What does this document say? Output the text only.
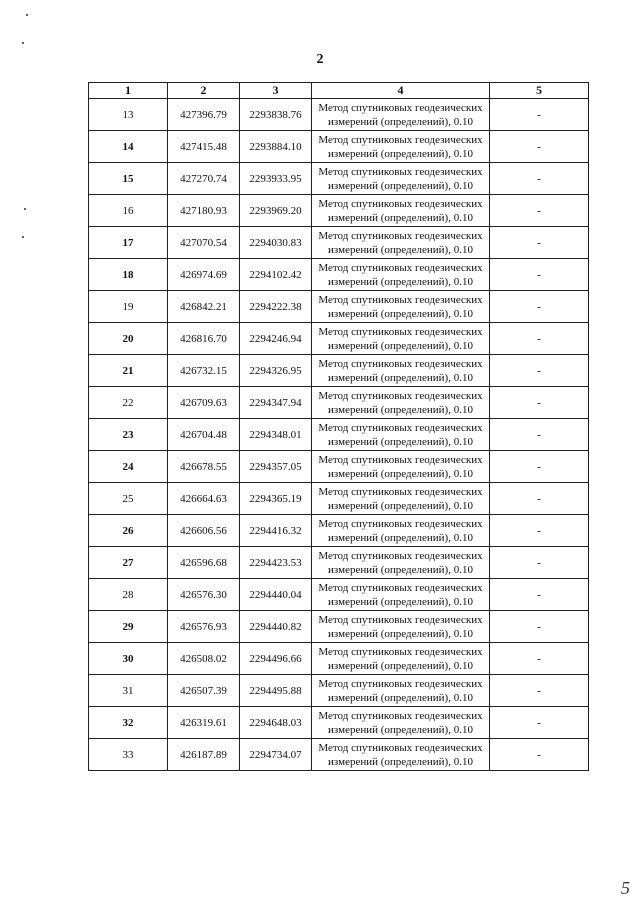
2
1	2	3	4	5
13	427396.79	2293838.76	Метод спутниковых геодезических
измерений (определений), 0.10	-
14	427415.48	2293884.10	Метод спутниковых геодезических
измерений (определений), 0.10	-
15	427270.74	2293933.95	Метод спутниковых геодезических
измерений (определений), 0.10	-
16	427180.93	2293969.20	Метод спутниковых геодезических
измерений (определений), 0.10	-
17	427070.54	2294030.83	Метод спутниковых геодезических
измерений (определений), 0.10	-
18	426974.69	2294102.42	Метод спутниковых геодезических
измерений (определений), 0.10	-
19	426842.21	2294222.38	Метод спутниковых геодезических
измерений (определений), 0.10	-
20	426816.70	2294246.94	Метод спутниковых геодезических
измерений (определений), 0.10	-
21	426732.15	2294326.95	Метод спутниковых геодезических
измерений (определений), 0.10	-
22	426709.63	2294347.94	Метод спутниковых геодезических
измерений (определений), 0.10	-
23	426704.48	2294348.01	Метод спутниковых геодезических
измерений (определений), 0.10	-
24	426678.55	2294357.05	Метод спутниковых геодезических
измерений (определений), 0.10	-
25	426664.63	2294365.19	Метод спутниковых геодезических
измерений (определений), 0.10	-
26	426606.56	2294416.32	Метод спутниковых геодезических
измерений (определений), 0.10	-
27	426596.68	2294423.53	Метод спутниковых геодезических
измерений (определений), 0.10	-
28	426576.30	2294440.04	Метод спутниковых геодезических
измерений (определений), 0.10	-
29	426576.93	2294440.82	Метод спутниковых геодезических
измерений (определений), 0.10	-
30	426508.02	2294496.66	Метод спутниковых геодезических
измерений (определений), 0.10	-
31	426507.39	2294495.88	Метод спутниковых геодезических
измерений (определений), 0.10	-
32	426319.61	2294648.03	Метод спутниковых геодезических
измерений (определений), 0.10	-
33	426187.89	2294734.07	Метод спутниковых геодезических
измерений (определений), 0.10	-
5
